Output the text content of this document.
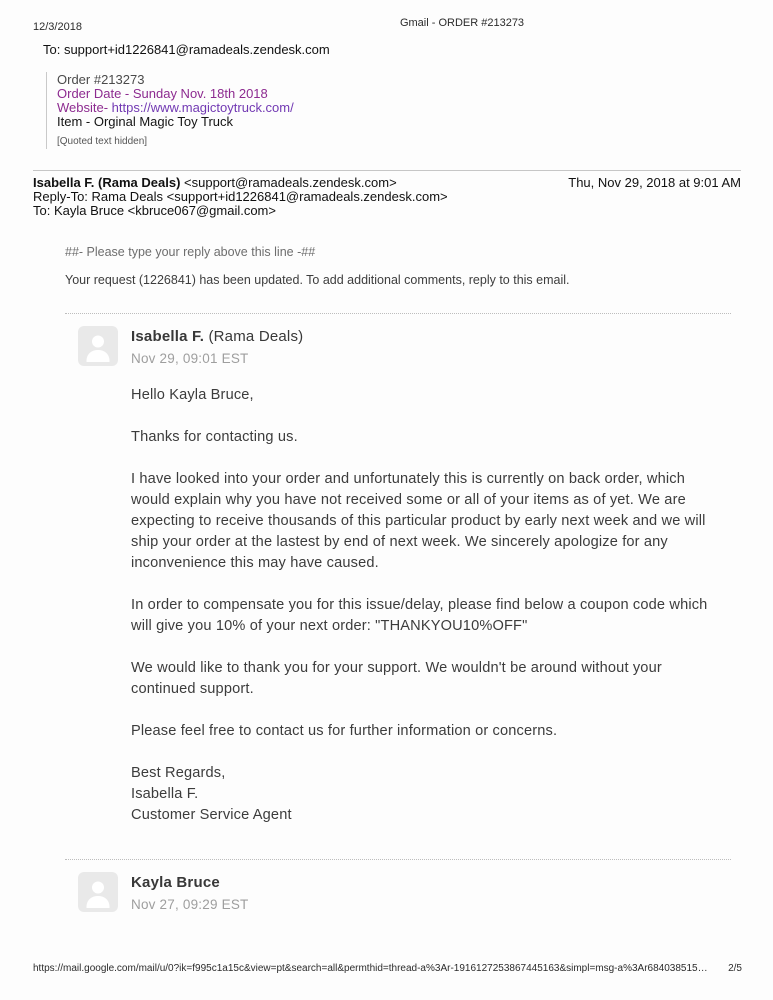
12/3/2018	Gmail - ORDER #213273
To: support+id1226841@ramadeals.zendesk.com
Order #213273
Order Date - Sunday Nov. 18th 2018
Website- https://www.magictoytruck.com/
Item - Orginal Magic Toy Truck
[Quoted text hidden]
Isabella F. (Rama Deals) <support@ramadeals.zendesk.com>	Thu, Nov 29, 2018 at 9:01 AM
Reply-To: Rama Deals <support+id1226841@ramadeals.zendesk.com>
To: Kayla Bruce <kbruce067@gmail.com>
##- Please type your reply above this line -##
Your request (1226841) has been updated. To add additional comments, reply to this email.
Isabella F. (Rama Deals)
Nov 29, 09:01 EST
Hello Kayla Bruce,
Thanks for contacting us.
I have looked into your order and unfortunately this is currently on back order, which
would explain why you have not received some or all of your items as of yet. We are
expecting to receive thousands of this particular product by early next week and we will
ship your order at the lastest by end of next week. We sincerely apologize for any
inconvenience this may have caused.
In order to compensate you for this issue/delay, please find below a coupon code which
will give you 10% of your next order: "THANKYOU10%OFF"
We would like to thank you for your support. We wouldn't be around without your
continued support.
Please feel free to contact us for further information or concerns.
Best Regards,
Isabella F.
Customer Service Agent
Kayla Bruce
Nov 27, 09:29 EST
https://mail.google.com/mail/u/0?ik=f995c1a15c&view=pt&search=all&permthid=thread-a%3Ar-1916127253867445163&simpl=msg-a%3Ar684038515… 2/5
